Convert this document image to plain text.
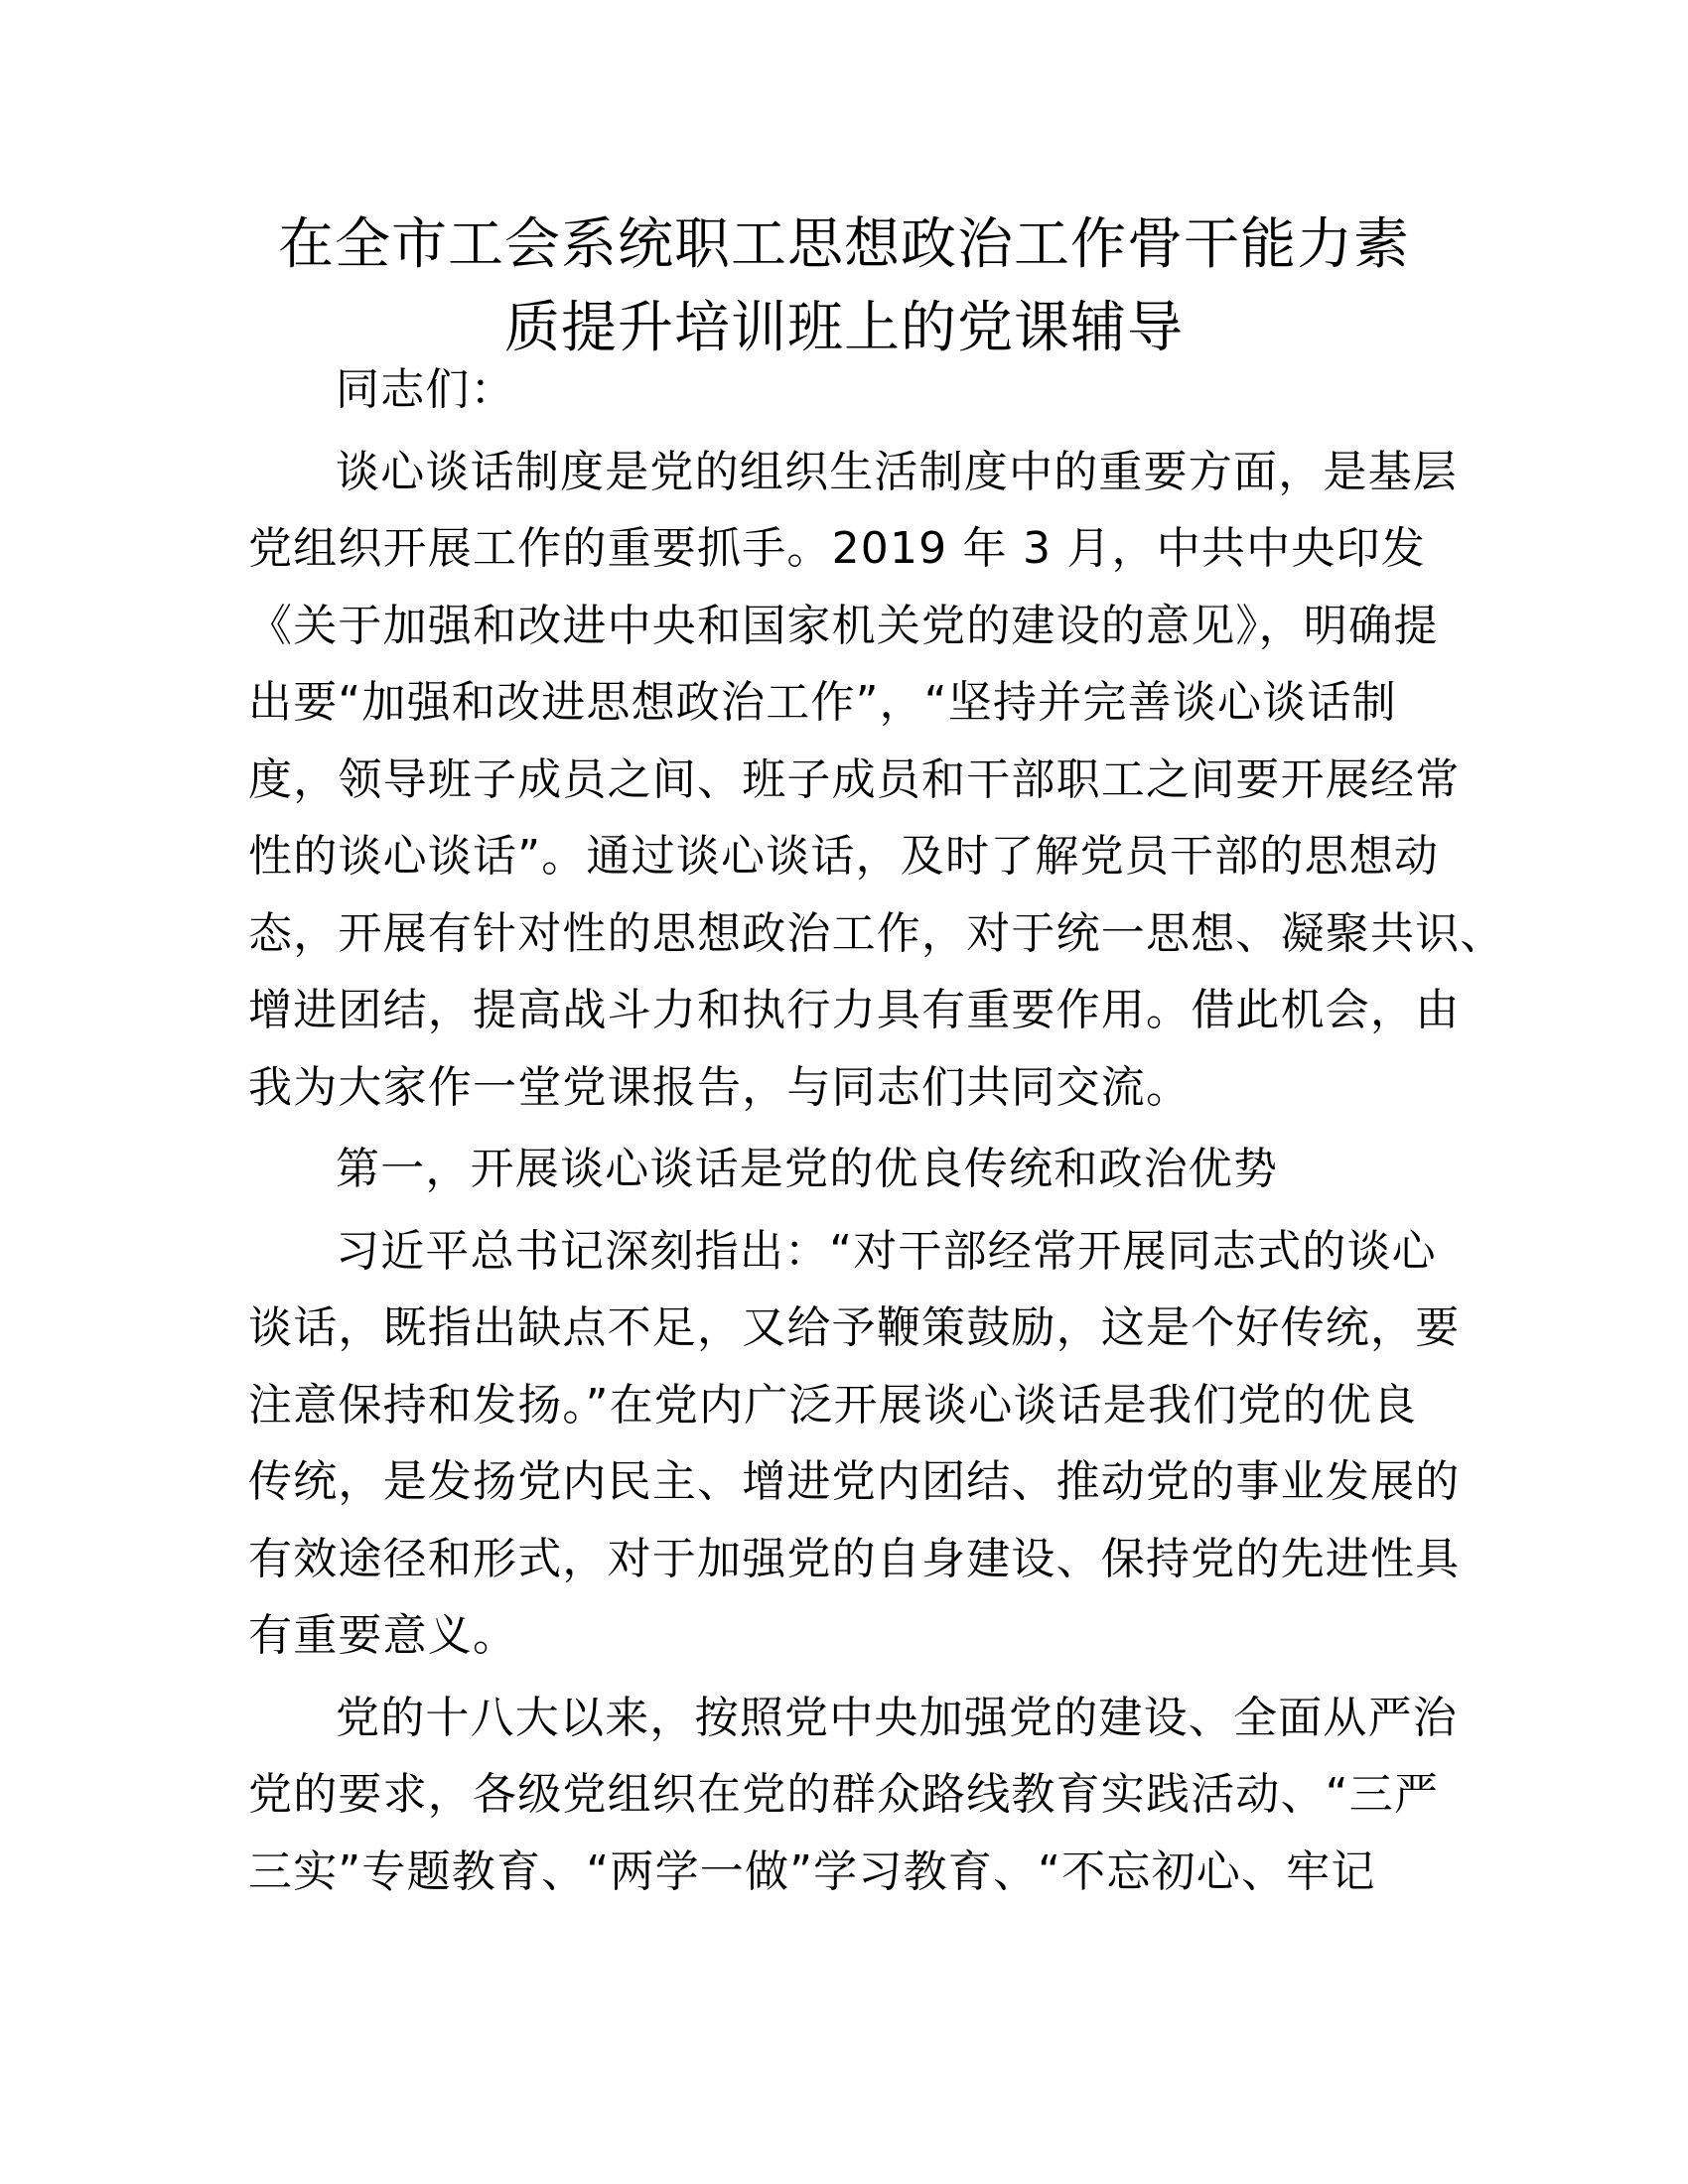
在全市工会系统职工思想政治工作骨干能力素
质提升培训班上的党课辅导

同志们：

谈心谈话制度是党的组织生活制度中的重要方面，是基层
党组织开展工作的重要抓手。2019 年 3 月，中共中央印发
《关于加强和改进中央和国家机关党的建设的意见》，明确提
出要“加强和改进思想政治工作”，“坚持并完善谈心谈话制
度，领导班子成员之间、班子成员和干部职工之间要开展经常
性的谈心谈话”。通过谈心谈话，及时了解党员干部的思想动
态，开展有针对性的思想政治工作，对于统一思想、凝聚共识、
增进团结，提高战斗力和执行力具有重要作用。借此机会，由
我为大家作一堂党课报告，与同志们共同交流。

第一，开展谈心谈话是党的优良传统和政治优势

习近平总书记深刻指出：“对干部经常开展同志式的谈心
谈话，既指出缺点不足，又给予鞭策鼓励，这是个好传统，要
注意保持和发扬。”在党内广泛开展谈心谈话是我们党的优良
传统，是发扬党内民主、增进党内团结、推动党的事业发展的
有效途径和形式，对于加强党的自身建设、保持党的先进性具
有重要意义。

党的十八大以来，按照党中央加强党的建设、全面从严治
党的要求，各级党组织在党的群众路线教育实践活动、“三严
三实”专题教育、“两学一做”学习教育、“不忘初心、牢记
